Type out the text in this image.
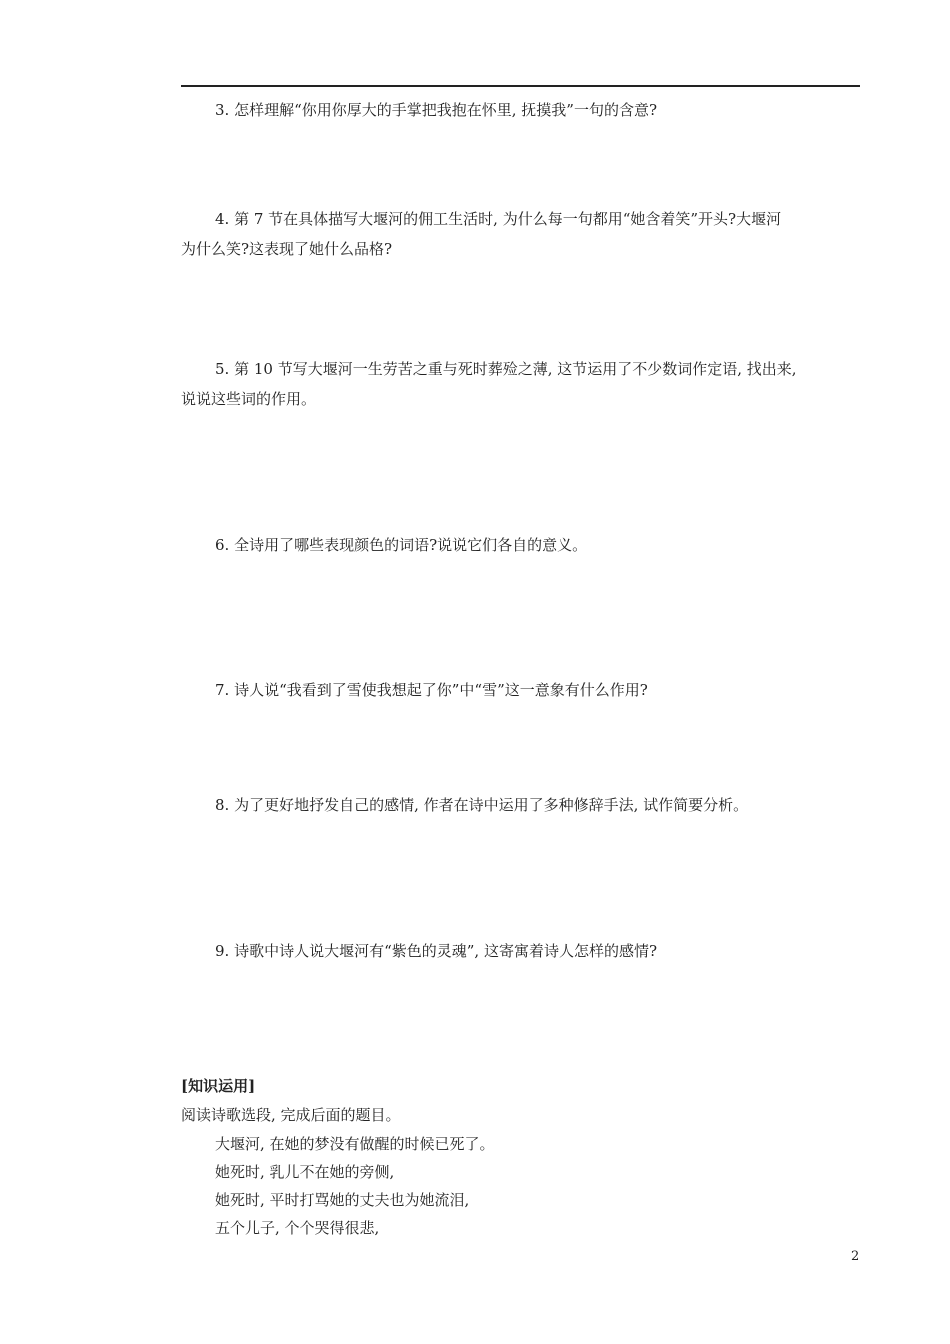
3. 怎样理解“你用你厚大的手掌把我抱在怀里, 抚摸我”一句的含意?

4. 第 7 节在具体描写大堰河的佣工生活时, 为什么每一句都用“她含着笑”开头?大堰河
为什么笑?这表现了她什么品格?

5. 第 10 节写大堰河一生劳苦之重与死时葬殓之薄, 这节运用了不少数词作定语, 找出来,
说说这些词的作用。

6. 全诗用了哪些表现颜色的词语?说说它们各自的意义。

7. 诗人说“我看到了雪使我想起了你”中“雪”这一意象有什么作用?

8. 为了更好地抒发自己的感情, 作者在诗中运用了多种修辞手法, 试作简要分析。

9. 诗歌中诗人说大堰河有“紫色的灵魂”, 这寄寓着诗人怎样的感情?

[知识运用]

阅读诗歌选段, 完成后面的题目。

大堰河, 在她的梦没有做醒的时候已死了。

她死时, 乳儿不在她的旁侧,

她死时, 平时打骂她的丈夫也为她流泪,

五个儿子, 个个哭得很悲,

2
